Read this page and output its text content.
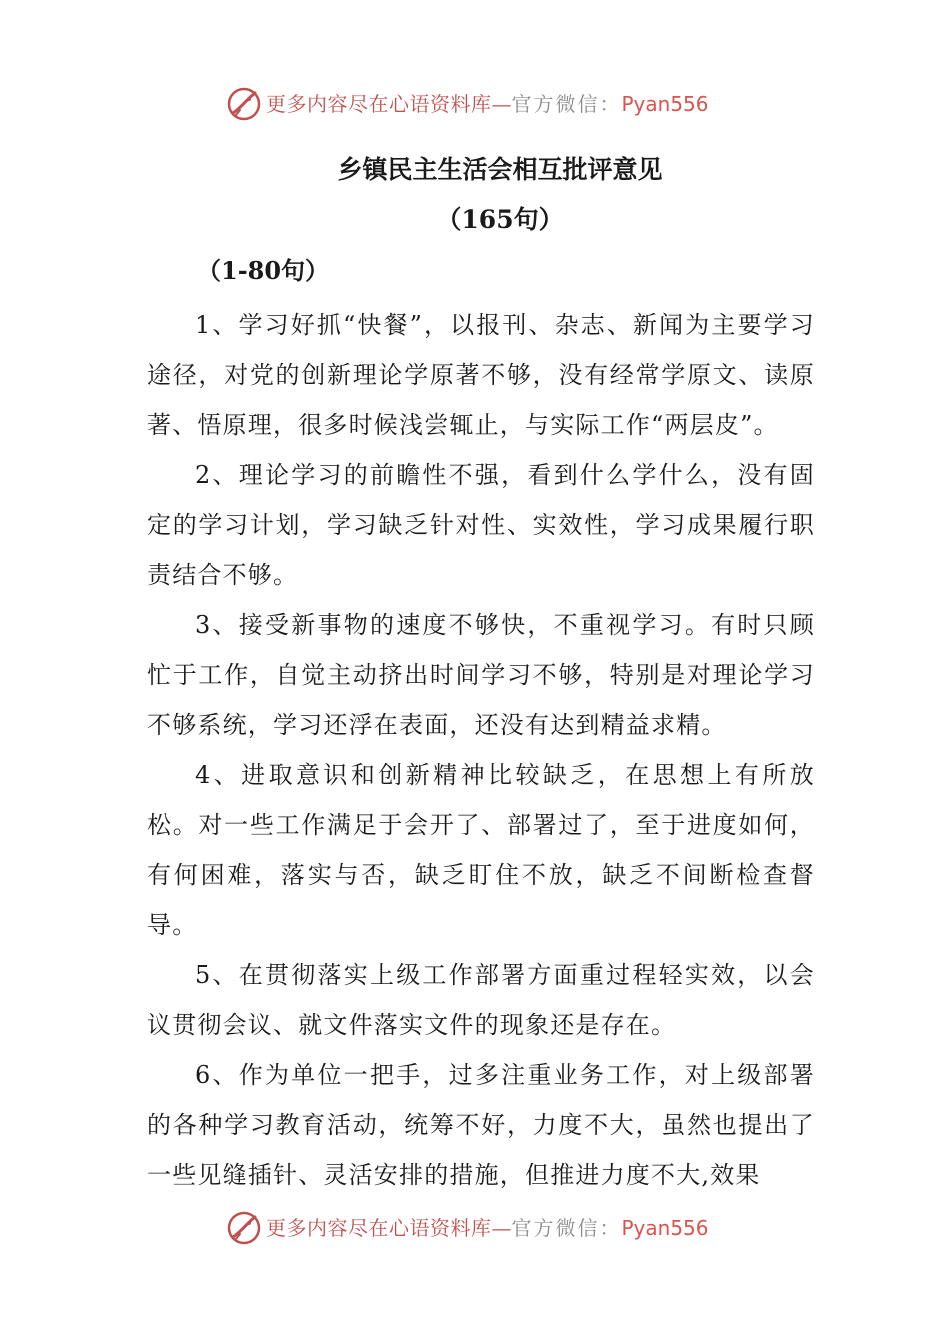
更多内容尽在心语资料库—官方微信：Pyan556
乡镇民主生活会相互批评意见
（165句）
（1-80句）

1、学习好抓“快餐”，以报刊、杂志、新闻为主要学习途径，对党的创新理论学原著不够，没有经常学原文、读原著、悟原理，很多时候浅尝辄止，与实际工作“两层皮”。

2、理论学习的前瞻性不强，看到什么学什么，没有固定的学习计划，学习缺乏针对性、实效性，学习成果履行职责结合不够。

3、接受新事物的速度不够快，不重视学习。有时只顾忙于工作，自觉主动挤出时间学习不够，特别是对理论学习不够系统，学习还浮在表面，还没有达到精益求精。

4、进取意识和创新精神比较缺乏，在思想上有所放松。对一些工作满足于会开了、部署过了，至于进度如何，有何困难，落实与否，缺乏盯住不放，缺乏不间断检查督导。

5、在贯彻落实上级工作部署方面重过程轻实效，以会议贯彻会议、就文件落实文件的现象还是存在。

6、作为单位一把手，过多注重业务工作，对上级部署的各种学习教育活动，统筹不好，力度不大，虽然也提出了一些见缝插针、灵活安排的措施，但推进力度不大,效果

更多内容尽在心语资料库—官方微信：Pyan556
